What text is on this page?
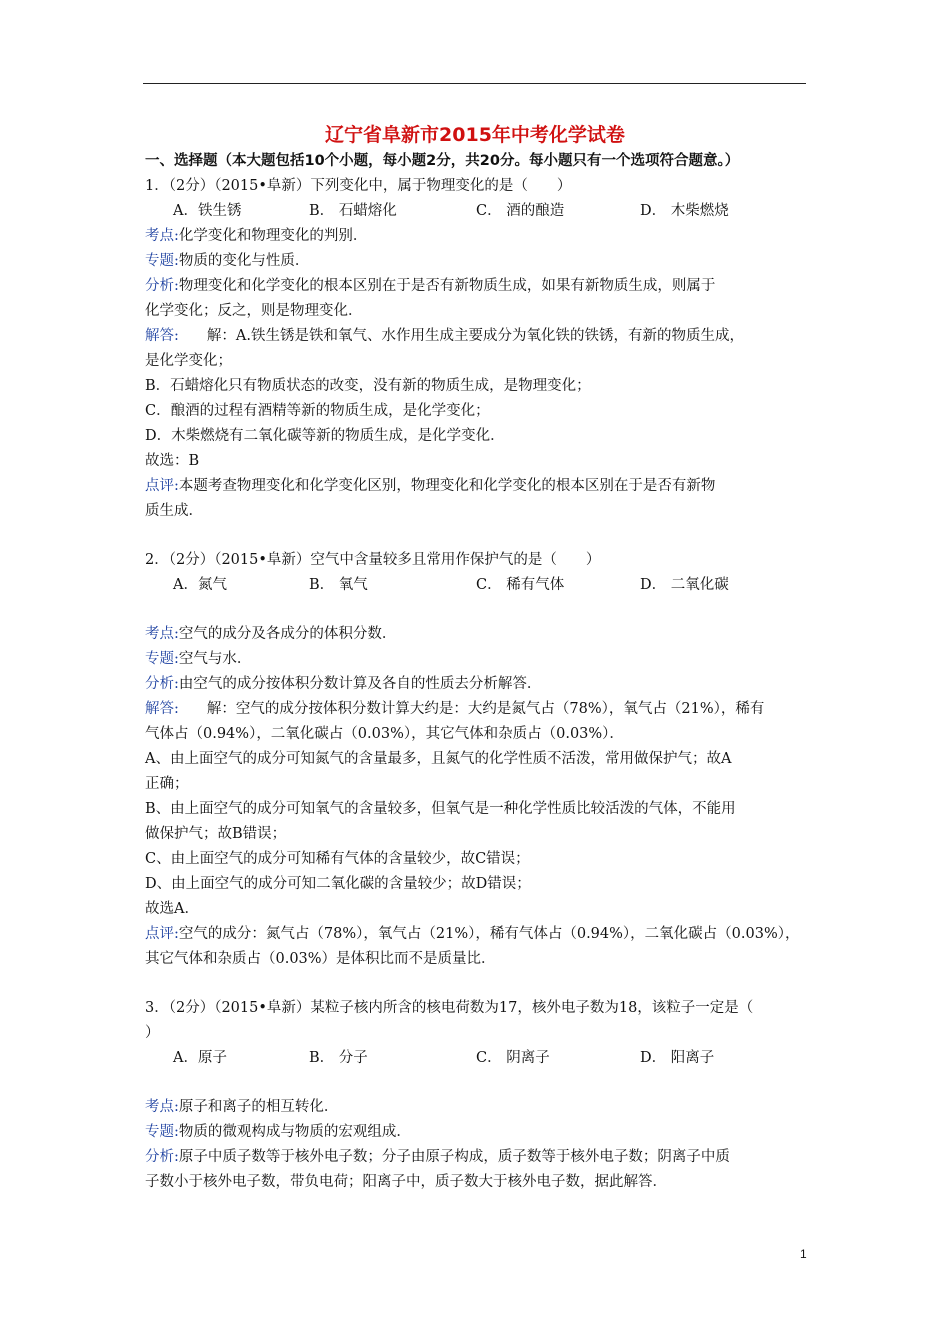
辽宁省阜新市2015年中考化学试卷
一、选择题（本大题包括10个小题，每小题2分，共20分。每小题只有一个选项符合题意。）
1．（2分）（2015•阜新）下列变化中，属于物理变化的是（　　）
A．铁生锈	B． 石蜡熔化	C． 酒的酿造	D． 木柴燃烧
考点:化学变化和物理变化的判别．
专题:物质的变化与性质．
分析:物理变化和化学变化的根本区别在于是否有新物质生成，如果有新物质生成，则属于
化学变化；反之，则是物理变化．
解答: 解：A.铁生锈是铁和氧气、水作用生成主要成分为氧化铁的铁锈，有新的物质生成，
是化学变化；
B．石蜡熔化只有物质状态的改变，没有新的物质生成，是物理变化；
C．酿酒的过程有酒精等新的物质生成，是化学变化；
D．木柴燃烧有二氧化碳等新的物质生成，是化学变化．
故选：B
点评:本题考查物理变化和化学变化区别，物理变化和化学变化的根本区别在于是否有新物
质生成．
2．（2分）（2015•阜新）空气中含量较多且常用作保护气的是（　　）
A．氮气	B． 氧气	C． 稀有气体	D． 二氧化碳
考点:空气的成分及各成分的体积分数．
专题:空气与水．
分析:由空气的成分按体积分数计算及各自的性质去分析解答．
解答: 解：空气的成分按体积分数计算大约是：大约是氮气占（78%），氧气占（21%），稀有
气体占（0.94%），二氧化碳占（0.03%），其它气体和杂质占（0.03%）．
A、由上面空气的成分可知氮气的含量最多，且氮气的化学性质不活泼，常用做保护气；故A
正确；
B、由上面空气的成分可知氧气的含量较多，但氧气是一种化学性质比较活泼的气体，不能用
做保护气；故B错误；
C、由上面空气的成分可知稀有气体的含量较少，故C错误；
D、由上面空气的成分可知二氧化碳的含量较少；故D错误；
故选A．
点评:空气的成分：氮气占（78%），氧气占（21%），稀有气体占（0.94%），二氧化碳占（0.03%），
其它气体和杂质占（0.03%）是体积比而不是质量比．
3．（2分）（2015•阜新）某粒子核内所含的核电荷数为17，核外电子数为18，该粒子一定是（
）
A．原子	B． 分子	C． 阴离子	D． 阳离子
考点:原子和离子的相互转化．
专题:物质的微观构成与物质的宏观组成．
分析:原子中质子数等于核外电子数；分子由原子构成，质子数等于核外电子数；阴离子中质
子数小于核外电子数，带负电荷；阳离子中，质子数大于核外电子数，据此解答．
1
